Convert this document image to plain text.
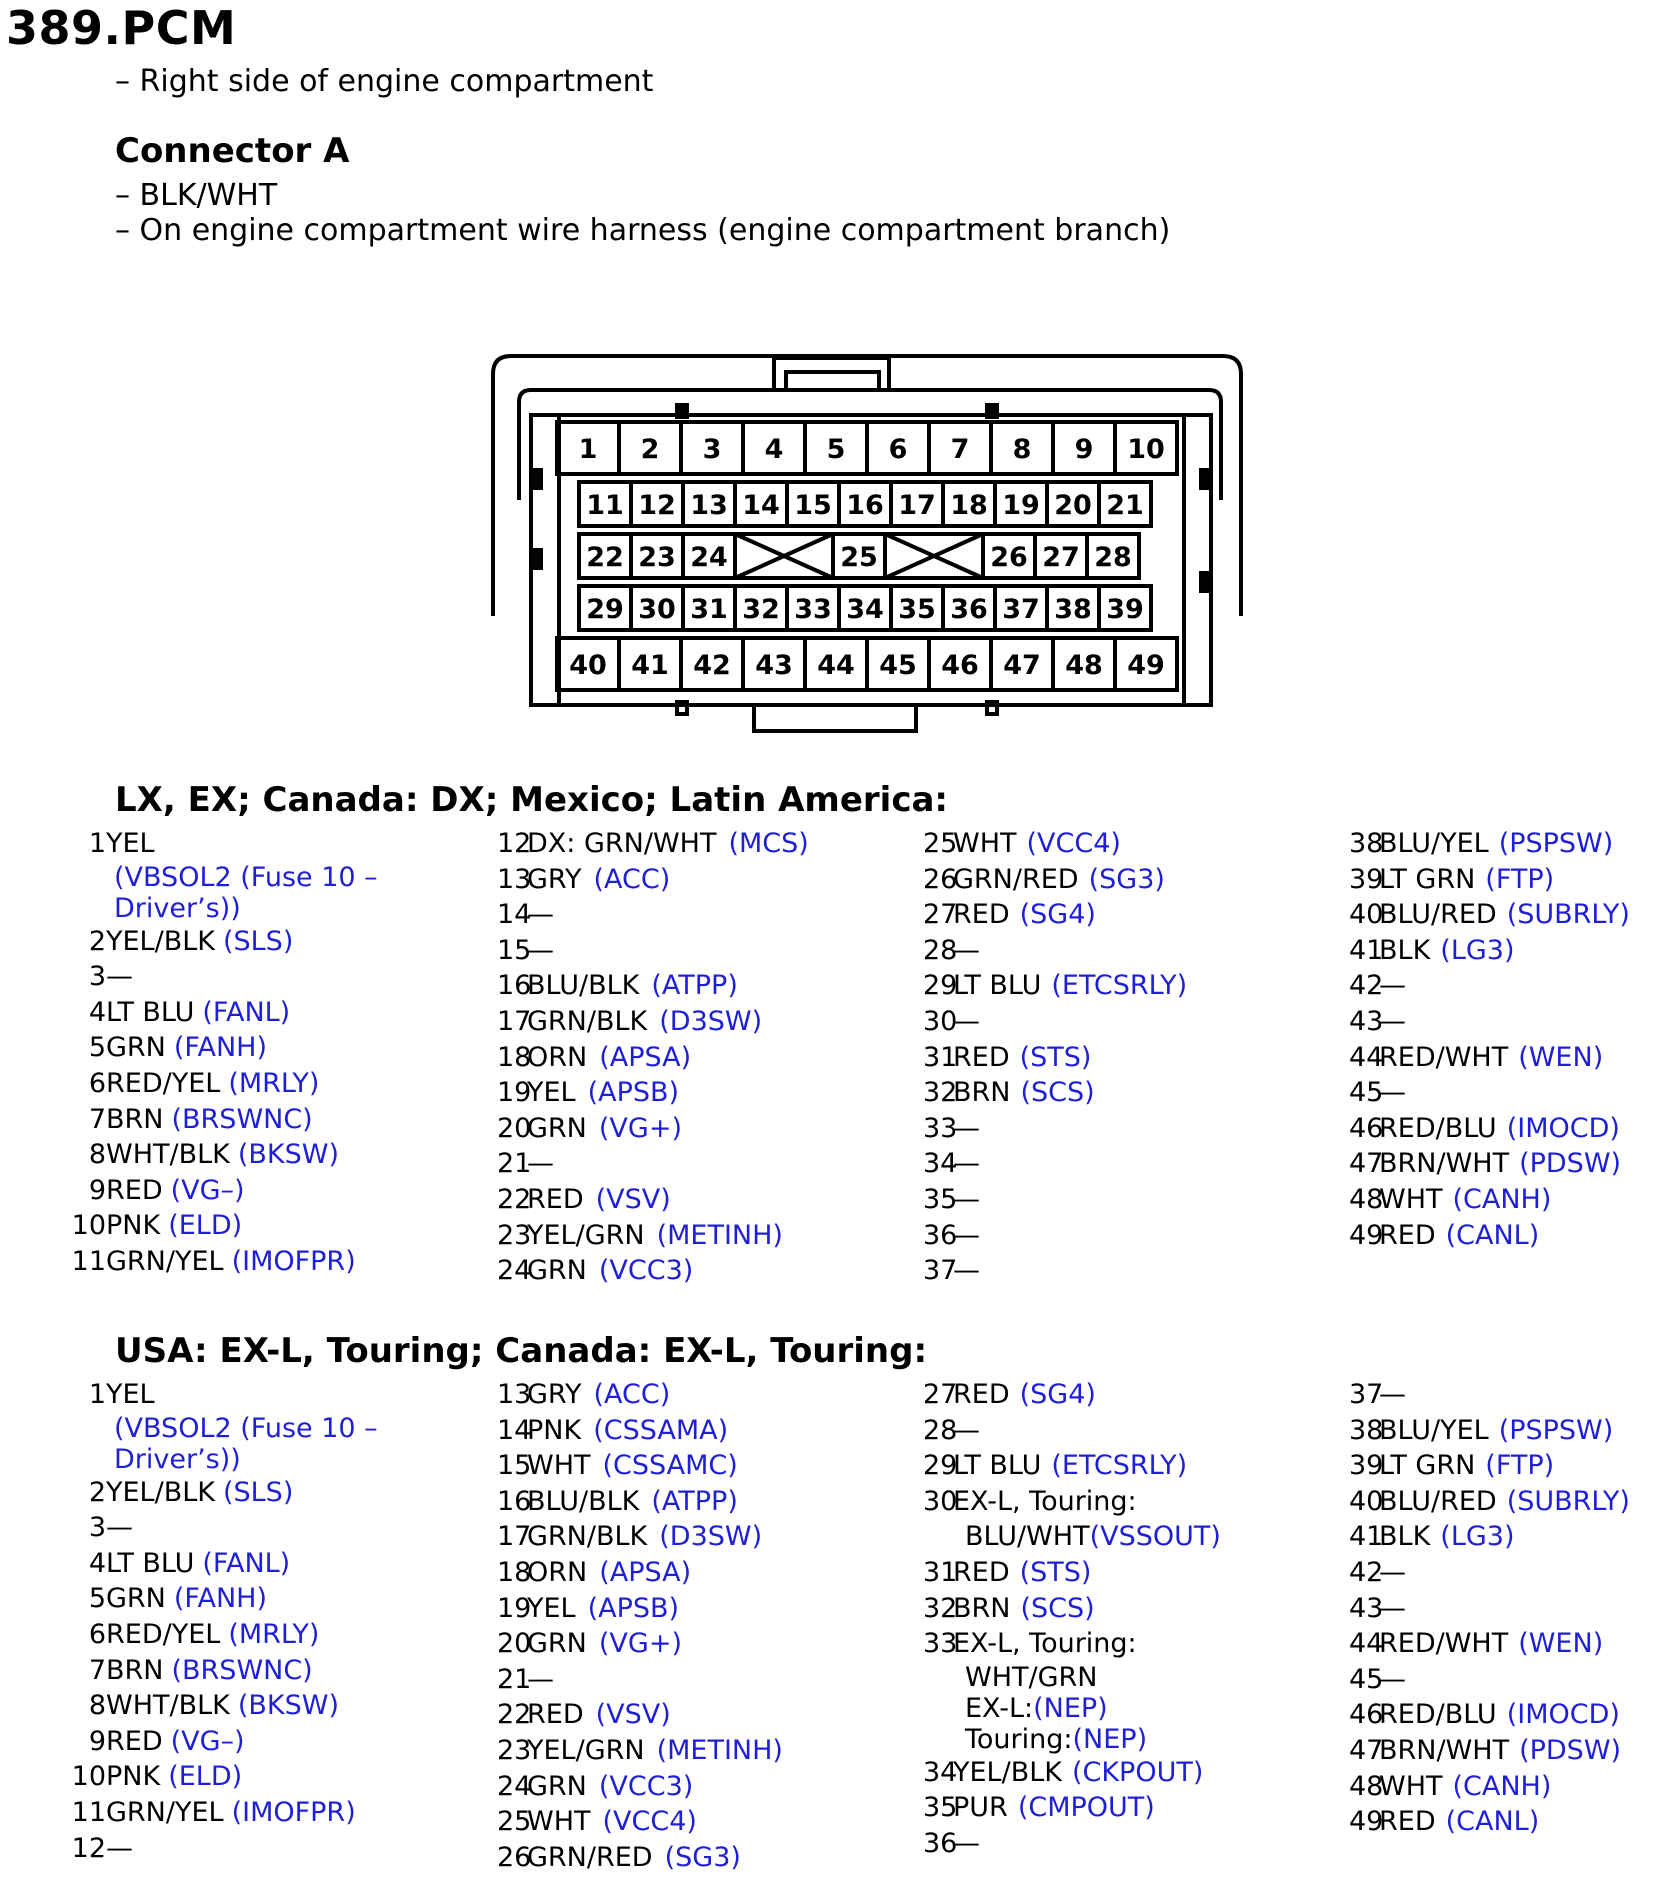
389.PCM
– Right side of engine compartment
Connector A
– BLK/WHT
– On engine compartment wire harness (engine compartment branch)
1 2 3 4 5 6 7 8 9 10
11 12 13 14 15 16 17 18 19 20 21
22 23 24	25	26 27 28
29 30 31 32 33 34 35 36 37 38 39
40 41 42 43 44 45 46 47 48 49
LX, EX; Canada: DX; Mexico; Latin America:
1 YEL
(VBSOL2 (Fuse 10 –
Driver’s))
2 YEL/BLK (SLS)
3 —
4 LT BLU (FANL)
5 GRN (FANH)
6 RED/YEL (MRLY)
7 BRN (BRSWNC)
8 WHT/BLK (BKSW)
9 RED (VG–)
10 PNK (ELD)
11 GRN/YEL (IMOFPR)
12
DX: GRN/WHT (MCS)
13
GRY (ACC)
14
—
15
—
16
BLU/BLK (ATPP)
17
GRN/BLK (D3SW)
18
ORN (APSA)
19
YEL (APSB)
20
GRN (VG+)
21
—
22
RED (VSV)
23
YEL/GRN (METINH)
24
GRN (VCC3)
25
WHT (VCC4)
26
GRN/RED (SG3)
27
RED (SG4)
28
—
29
LT BLU (ETCSRLY)
30
—
31
RED (STS)
32
BRN (SCS)
33
—
34
—
35
—
36
—
37
—
38
BLU/YEL (PSPSW)
39
LT GRN (FTP)
40
BLU/RED (SUBRLY)
41
BLK (LG3)
42
—
43
—
44
RED/WHT (WEN)
45
—
46
RED/BLU (IMOCD)
47
BRN/WHT (PDSW)
48
WHT (CANH)
49
RED (CANL)
USA: EX-L, Touring; Canada: EX-L, Touring:
1 YEL
(VBSOL2 (Fuse 10 –
Driver’s))
2 YEL/BLK (SLS)
3 —
4 LT BLU (FANL)
5 GRN (FANH)
6 RED/YEL (MRLY)
7 BRN (BRSWNC)
8 WHT/BLK (BKSW)
9 RED (VG–)
10 PNK (ELD)
11 GRN/YEL (IMOFPR)
12 —
13
GRY (ACC)
14
PNK (CSSAMA)
15
WHT (CSSAMC)
16
BLU/BLK (ATPP)
17
GRN/BLK (D3SW)
18
ORN (APSA)
19
YEL (APSB)
20
GRN (VG+)
21
—
22
RED (VSV)
23
YEL/GRN (METINH)
24
GRN (VCC3)
25
WHT (VCC4)
26
GRN/RED (SG3)
27
RED (SG4)
28
—
29
LT BLU (ETCSRLY)
30
EX-L, Touring:
BLU/WHT (VSSOUT)
31
RED (STS)
32
BRN (SCS)
33
EX-L, Touring:
WHT/GRN
EX-L:(NEP)
Touring:(NEP)
34
YEL/BLK (CKPOUT)
35
PUR (CMPOUT)
36
—
37
—
38
BLU/YEL (PSPSW)
39
LT GRN (FTP)
40
BLU/RED (SUBRLY)
41
BLK (LG3)
42
—
43
—
44
RED/WHT (WEN)
45
—
46
RED/BLU (IMOCD)
47
BRN/WHT (PDSW)
48
WHT (CANH)
49
RED (CANL)
